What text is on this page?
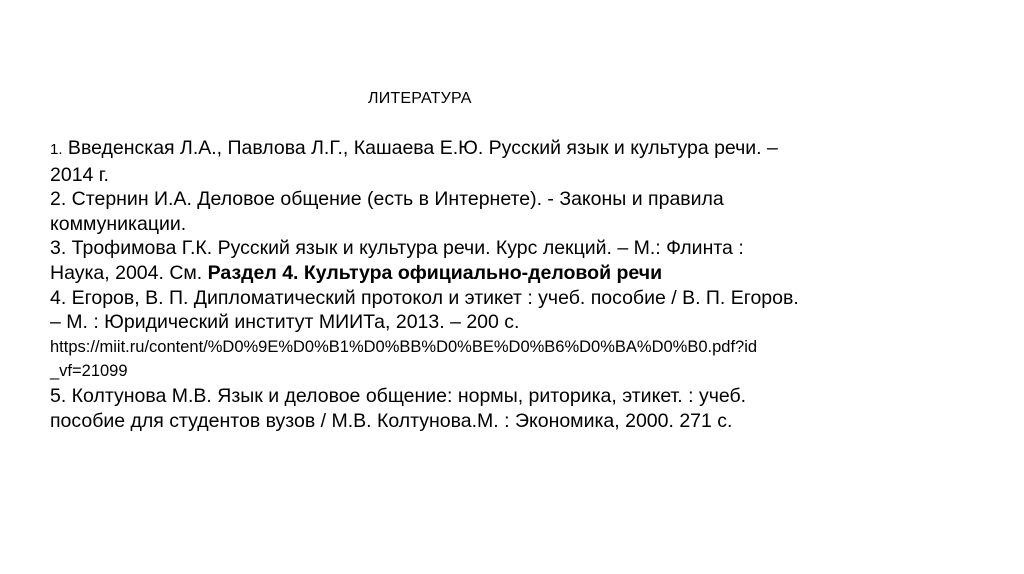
ЛИТЕРАТУРА
1. Введенская Л.А., Павлова Л.Г., Кашаева Е.Ю. Русский язык и культура речи. –
2014 г.
2. Стернин И.А. Деловое общение (есть в Интернете). - Законы и правила
коммуникации.
3. Трофимова Г.К. Русский язык и культура речи. Курс лекций. – М.: Флинта :
Наука, 2004. См. Раздел 4. Культура официально-деловой речи
4. Егоров, В. П. Дипломатический протокол и этикет : учеб. пособие / В. П. Егоров.
– М. : Юридический институт МИИТа, 2013. – 200 с.
https://miit.ru/content/%D0%9E%D0%B1%D0%BB%D0%BE%D0%B6%D0%BA%D0%B0.pdf?id
_vf=21099
5. Колтунова М.В. Язык и деловое общение: нормы, риторика, этикет. : учеб.
пособие для студентов вузов / М.В. Колтунова.М. : Экономика, 2000. 271 с.
